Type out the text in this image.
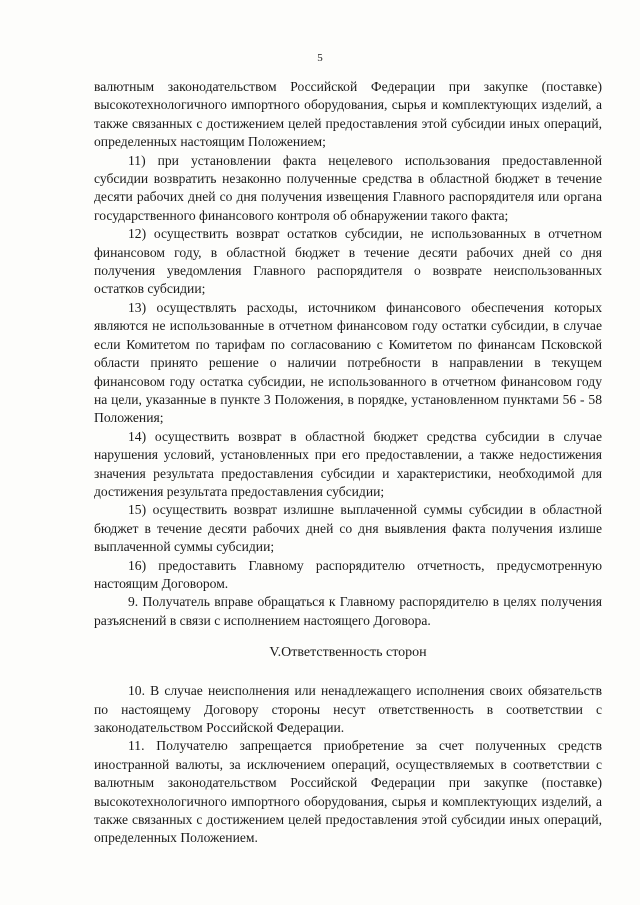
5

валютным законодательством Российской Федерации при закупке (поставке) высокотехнологичного импортного оборудования, сырья и комплектующих изделий, а также связанных с достижением целей предоставления этой субсидии иных операций, определенных настоящим Положением;

11) при установлении факта нецелевого использования предоставленной субсидии возвратить незаконно полученные средства в областной бюджет в течение десяти рабочих дней со дня получения извещения Главного распорядителя или органа государственного финансового контроля об обнаружении такого факта;

12) осуществить возврат остатков субсидии, не использованных в отчетном финансовом году, в областной бюджет в течение десяти рабочих дней со дня получения уведомления Главного распорядителя о возврате неиспользованных остатков субсидии;

13) осуществлять расходы, источником финансового обеспечения которых являются не использованные в отчетном финансовом году остатки субсидии, в случае если Комитетом по тарифам по согласованию с Комитетом по финансам Псковской области принято решение о наличии потребности в направлении в текущем финансовом году остатка субсидии, не использованного в отчетном финансовом году на цели, указанные в пункте 3 Положения, в порядке, установленном пунктами 56 - 58 Положения;

14) осуществить возврат в областной бюджет средства субсидии в случае нарушения условий, установленных при его предоставлении, а также недостижения значения результата предоставления субсидии и характеристики, необходимой для достижения результата предоставления субсидии;

15) осуществить возврат излишне выплаченной суммы субсидии в областной бюджет в течение десяти рабочих дней со дня выявления факта получения излише выплаченной суммы субсидии;

16) предоставить Главному распорядителю отчетность, предусмотренную настоящим Договором.

9. Получатель вправе обращаться к Главному распорядителю в целях получения разъяснений в связи с исполнением настоящего Договора.

V.Ответственность сторон

10. В случае неисполнения или ненадлежащего исполнения своих обязательств по настоящему Договору стороны несут ответственность в соответствии с законодательством Российской Федерации.

11. Получателю запрещается приобретение за счет полученных средств иностранной валюты, за исключением операций, осуществляемых в соответствии с валютным законодательством Российской Федерации при закупке (поставке) высокотехнологичного импортного оборудования, сырья и комплектующих изделий, а также связанных с достижением целей предоставления этой субсидии иных операций, определенных Положением.
